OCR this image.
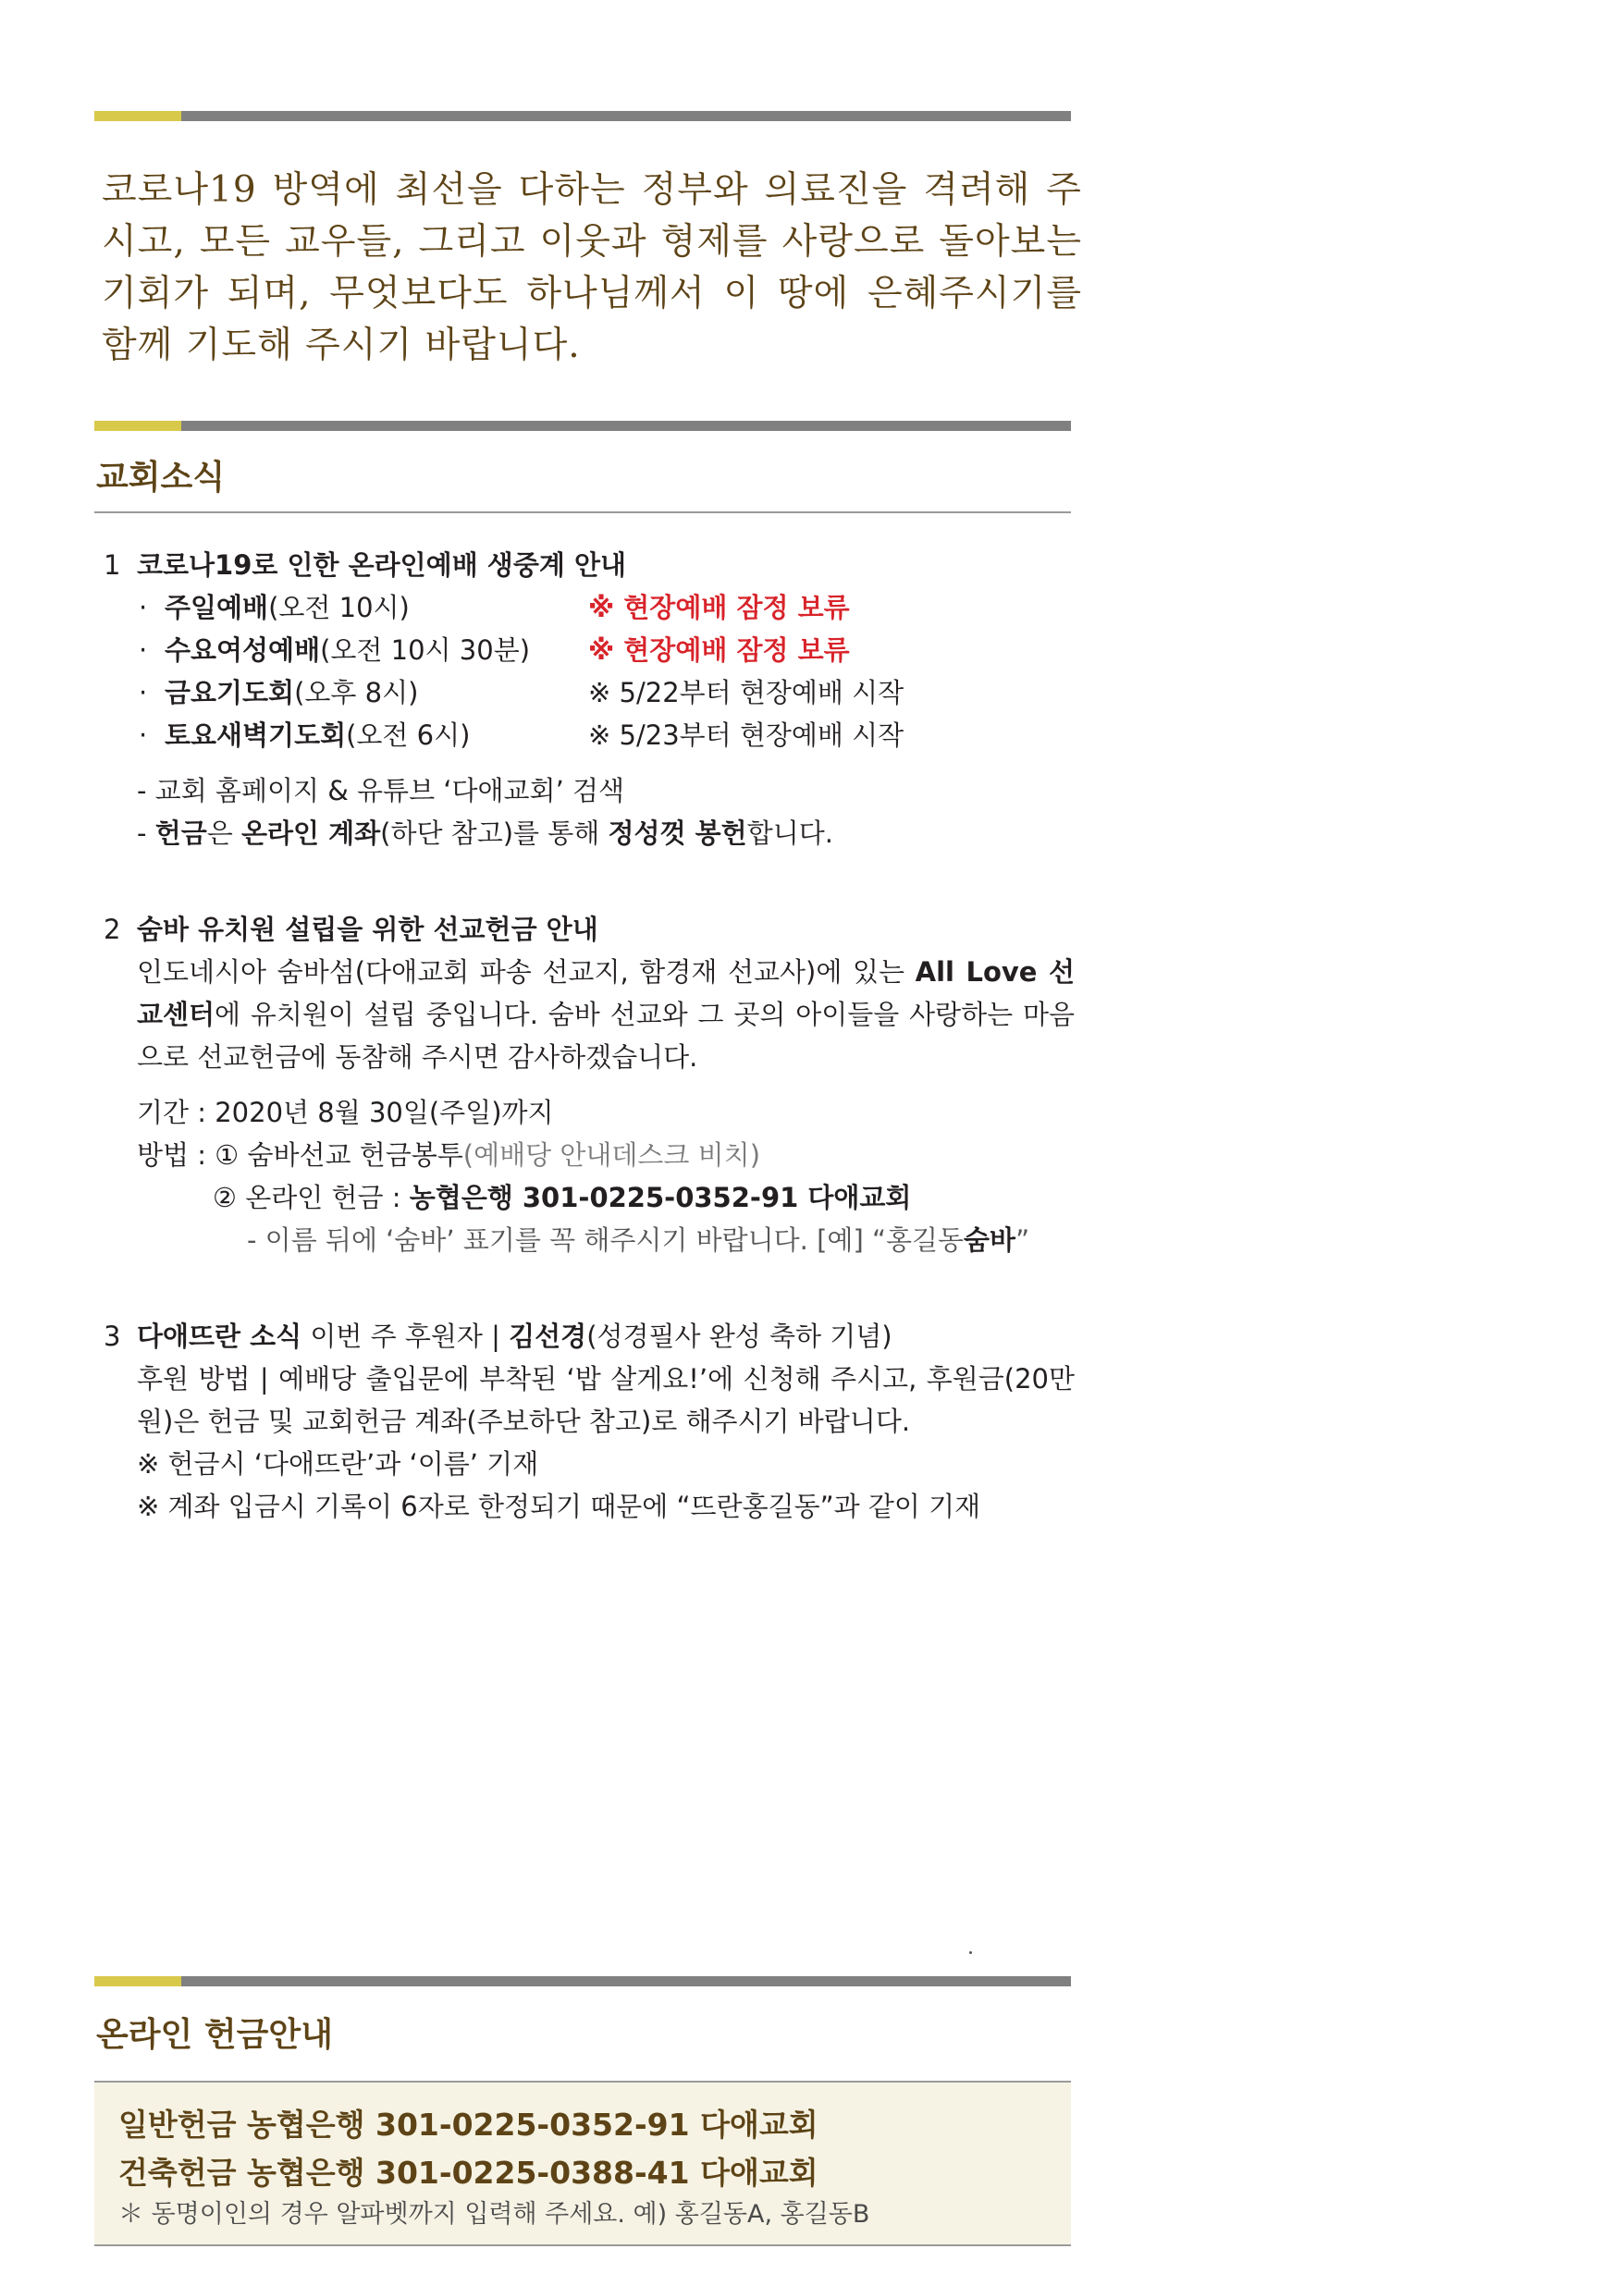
코로나19 방역에 최선을 다하는 정부와 의료진을 격려해 주시고, 모든 교우들, 그리고 이웃과 형제를 사랑으로 돌아보는 기회가 되며, 무엇보다도 하나님께서 이 땅에 은혜주시기를 함께 기도해 주시기 바랍니다.

교회소식

1 코로나19로 인한 온라인예배 생중계 안내

· 주일예배(오전 10시)	※ 현장예배 잠정 보류
· 수요여성예배(오전 10시 30분)	※ 현장예배 잠정 보류
· 금요기도회(오후 8시)	※ 5/22부터 현장예배 시작
· 토요새벽기도회(오전 6시)	※ 5/23부터 현장예배 시작
- 교회 홈페이지 & 유튜브 ‘다애교회’ 검색
- 헌금은 온라인 계좌(하단 참고)를 통해 정성껏 봉헌합니다.

2 숨바 유치원 설립을 위한 선교헌금 안내

인도네시아 숨바섬(다애교회 파송 선교지, 함경재 선교사)에 있는 All Love 선교센터에 유치원이 설립 중입니다. 숨바 선교와 그 곳의 아이들을 사랑하는 마음으로 선교헌금에 동참해 주시면 감사하겠습니다.
기간 : 2020년 8월 30일(주일)까지
방법 : ① 숨바선교 헌금봉투(예배당 안내데스크 비치)
② 온라인 헌금 : 농협은행 301-0225-0352-91 다애교회
- 이름 뒤에 ‘숨바’ 표기를 꼭 해주시기 바랍니다. [예] “홍길동숨바”

3 다애뜨란 소식 이번 주 후원자 | 김선경(성경필사 완성 축하 기념)

후원 방법 | 예배당 출입문에 부착된 ‘밥 살게요!’에 신청해 주시고, 후원금(20만원)은 헌금 및 교회헌금 계좌(주보하단 참고)로 해주시기 바랍니다.
※ 헌금시 ‘다애뜨란’과 ‘이름’ 기재
※ 계좌 입금시 기록이 6자로 한정되기 때문에 “뜨란홍길동”과 같이 기재
온라인 헌금안내
일반헌금 농협은행 301-0225-0352-91 다애교회
건축헌금 농협은행 301-0225-0388-41 다애교회
＊ 동명이인의 경우 알파벳까지 입력해 주세요. 예) 홍길동A, 홍길동B
